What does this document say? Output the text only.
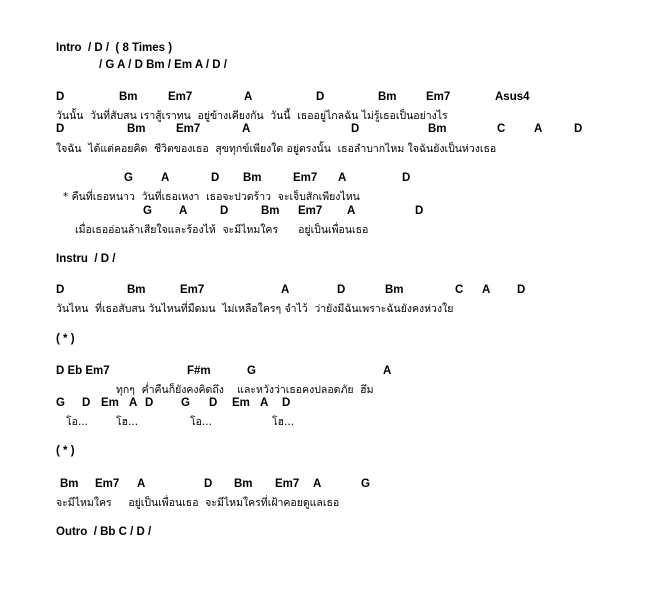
Intro  / D /  ( 8 Times )
/ G A / D Bm / Em A / D /

D

	Bm

	Em7

	A

	D

	Bm

	Em7

	Asus4

วันนั้น  วันที่สับสน เราสู้เราทน  อยู่ข้างเคียงกัน  วันนี้  เธออยู่ไกลฉัน ไม่รู้เธอเป็นอย่างไร

D

	Bm

	Em7

	A

	D

	Bm

	C

A

	D

ใจฉัน  ได้แต่คอยคิด  ชีวิตของเธอ  สุขทุกข์เพียงใด อยู่ตรงนั้น  เธอลำบากไหม ใจฉันยังเป็นห่วงเธอ

G

A

	D

Bm

	Em7

A

	D

* คืนที่เธอหนาว  วันที่เธอเหงา  เธอจะปวดร้าว  จะเจ็บสักเพียงไหน

G

A

	D

	Bm

Em7

A

	D

เมื่อเธออ่อนล้าเสียใจและร้องไห้  จะมีไหมใคร      อยู่เป็นเพื่อนเธอ
Instru  / D /

D

	Bm

	Em7

	A

	D

	Bm

	C

A

D

วันไหน  ที่เธอสับสน วันไหนที่มืดมน  ไม่เหลือใครๆ จำไว้  ว่ายังมีฉันเพราะฉันยังคงห่วงใย
( * )

D Eb Em7

	F#m

	G

	A

ทุกๆ  ค่ำคืนก็ยังคงคิดถึง    และหวังว่าเธอคงปลอดภัย  ฮึม

G

D

Em

A

D

G

D

Em

A

D

โอ...

	โฮ...

	โอ...

	โฮ...

( * )

Bm

Em7

A

	D

Bm

Em7

A

	G

จะมีไหมใคร     อยู่เป็นเพื่อนเธอ  จะมีไหมใครที่เฝ้าคอยดูแลเธอ
Outro  / Bb C / D /
